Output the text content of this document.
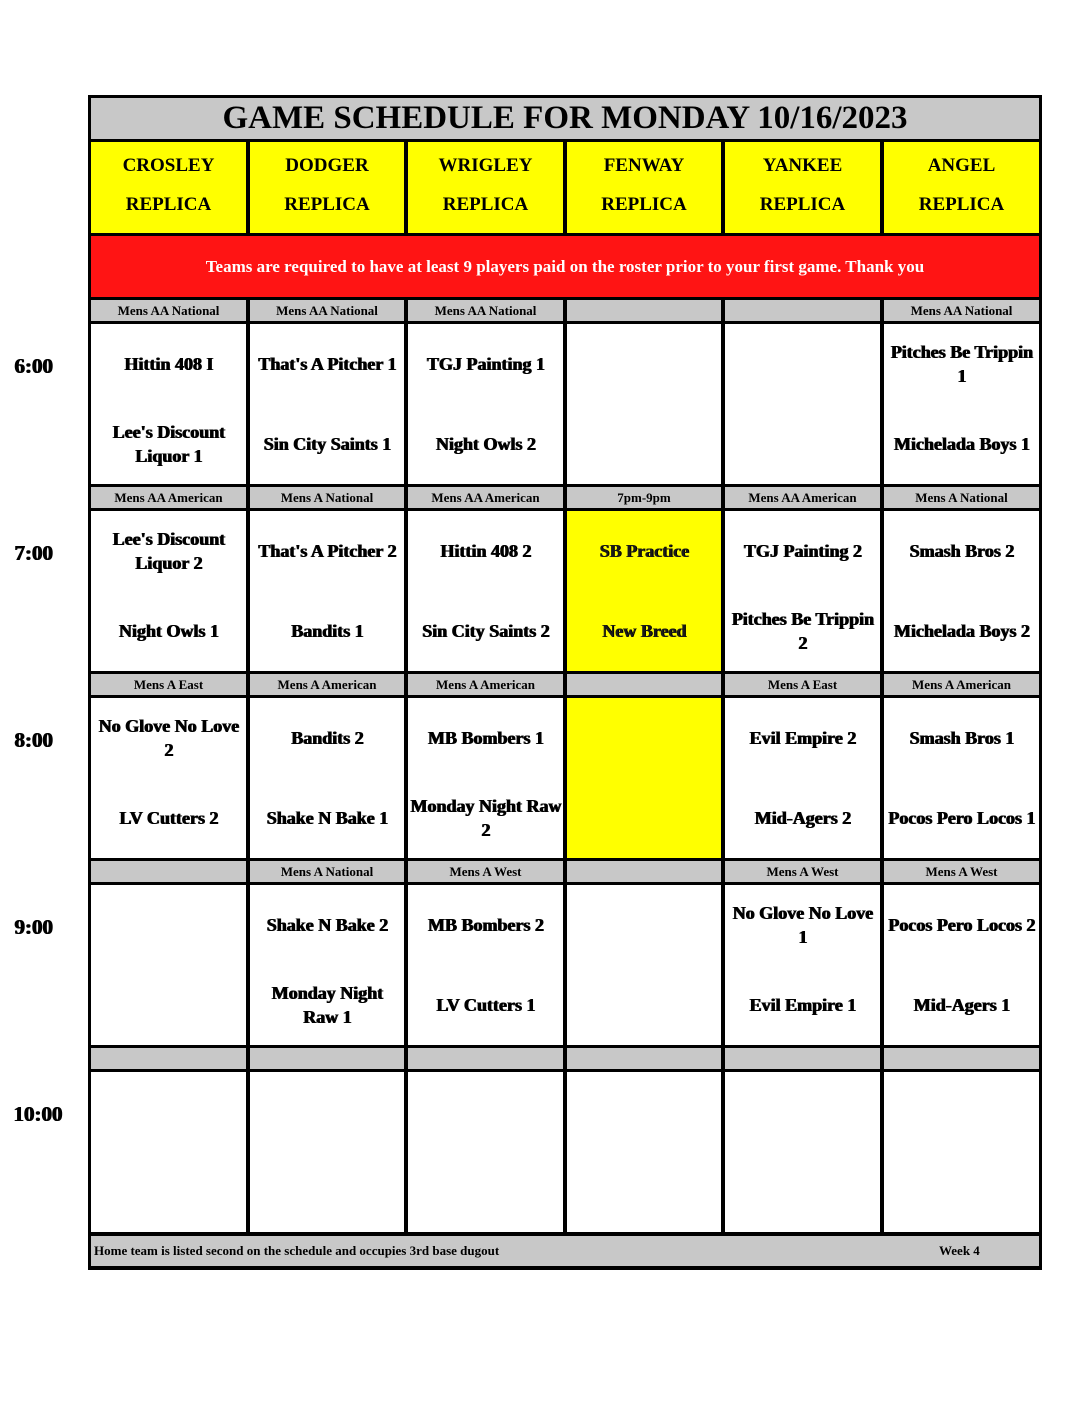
GAME SCHEDULE FOR MONDAY 10/16/2023
CROSLEY
REPLICA
DODGER
REPLICA
WRIGLEY
REPLICA
FENWAY
REPLICA
YANKEE
REPLICA
ANGEL
REPLICA
Teams are required to have at least 9 players paid on the roster prior to your first game. Thank you
Mens AA National
Hittin 408 I
Lee's Discount Liquor 1
Mens AA National
That's A Pitcher 1
Sin City Saints 1
Mens AA National
TGJ Painting 1
Night Owls 2
Mens AA National
Pitches Be Trippin 1
Michelada Boys 1
Mens AA American
Lee's Discount Liquor 2
Night Owls 1
Mens A National
That's A Pitcher 2
Bandits 1
Mens AA American
Hittin 408 2
Sin City Saints 2
7pm-9pm
SB Practice
New Breed
Mens AA American
TGJ Painting 2
Pitches Be Trippin 2
Mens A National
Smash Bros 2
Michelada Boys 2
Mens A East
No Glove No Love 2
LV Cutters 2
Mens A American
Bandits 2
Shake N Bake 1
Mens A American
MB Bombers 1
Monday Night Raw 2
Mens A East
Evil Empire 2
Mid-Agers 2
Mens A American
Smash Bros 1
Pocos Pero Locos 1
Mens A National
Shake N Bake 2
Monday Night Raw 1
Mens A West
MB Bombers 2
LV Cutters 1
Mens A West
No Glove No Love 1
Evil Empire 1
Mens A West
Pocos Pero Locos 2
Mid-Agers 1
Home team is listed second on the schedule and occupies 3rd base dugout	Week 4
6:00
7:00
8:00
9:00
10:00
